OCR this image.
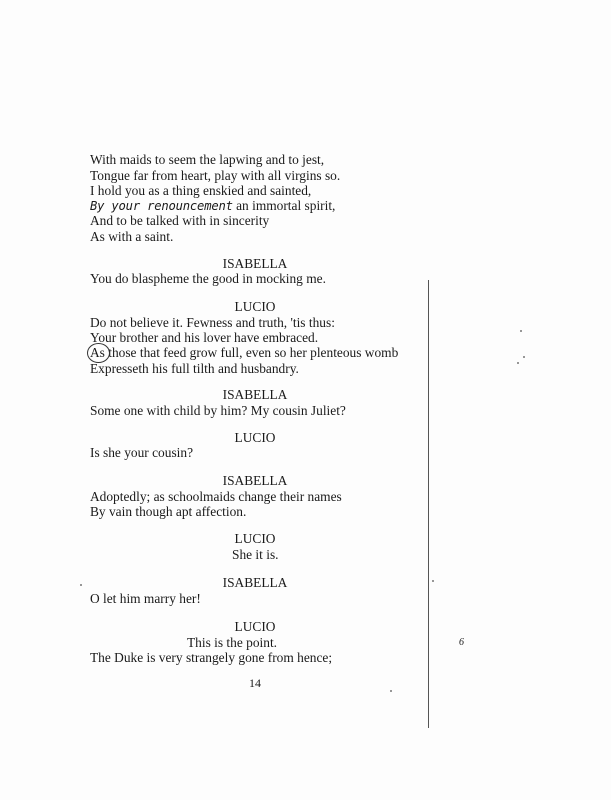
With maids to seem the lapwing and to jest,
Tongue far from heart, play with all virgins so.
I hold you as a thing enskied and sainted,
By your renouncement an immortal spirit,
And to be talked with in sincerity
As with a saint.
ISABELLA
You do blaspheme the good in mocking me.
LUCIO
Do not believe it. Fewness and truth, 'tis thus:
Your brother and his lover have embraced.
As those that feed grow full, even so her plenteous womb
Expresseth his full tilth and husbandry.
ISABELLA
Some one with child by him? My cousin Juliet?
LUCIO
Is she your cousin?
ISABELLA
Adoptedly; as schoolmaids change their names
By vain though apt affection.
LUCIO
She it is.
ISABELLA
O let him marry her!
LUCIO
This is the point.
The Duke is very strangely gone from hence;
14
6
